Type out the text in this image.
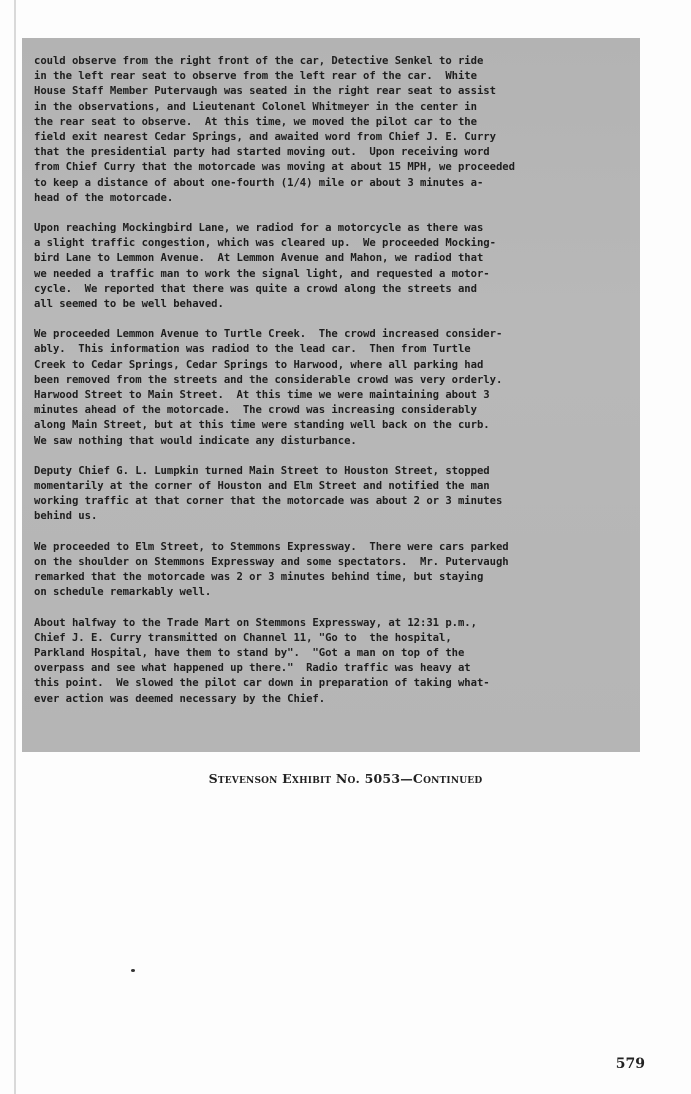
could observe from the right front of the car, Detective Senkel to ride

in the left rear seat to observe from the left rear of the car.  White

House Staff Member Putervaugh was seated in the right rear seat to assist

in the observations, and Lieutenant Colonel Whitmeyer in the center in

the rear seat to observe.  At this time, we moved the pilot car to the

field exit nearest Cedar Springs, and awaited word from Chief J. E. Curry

that the presidential party had started moving out.  Upon receiving word

from Chief Curry that the motorcade was moving at about 15 MPH, we proceeded

to keep a distance of about one-fourth (1/4) mile or about 3 minutes a-

head of the motorcade.

Upon reaching Mockingbird Lane, we radiod for a motorcycle as there was

a slight traffic congestion, which was cleared up.  We proceeded Mocking-

bird Lane to Lemmon Avenue.  At Lemmon Avenue and Mahon, we radiod that

we needed a traffic man to work the signal light, and requested a motor-

cycle.  We reported that there was quite a crowd along the streets and

all seemed to be well behaved.

We proceeded Lemmon Avenue to Turtle Creek.  The crowd increased consider-

ably.  This information was radiod to the lead car.  Then from Turtle

Creek to Cedar Springs, Cedar Springs to Harwood, where all parking had

been removed from the streets and the considerable crowd was very orderly.

Harwood Street to Main Street.  At this time we were maintaining about 3

minutes ahead of the motorcade.  The crowd was increasing considerably

along Main Street, but at this time were standing well back on the curb.

We saw nothing that would indicate any disturbance.

Deputy Chief G. L. Lumpkin turned Main Street to Houston Street, stopped

momentarily at the corner of Houston and Elm Street and notified the man

working traffic at that corner that the motorcade was about 2 or 3 minutes

behind us.

We proceeded to Elm Street, to Stemmons Expressway.  There were cars parked

on the shoulder on Stemmons Expressway and some spectators.  Mr. Putervaugh

remarked that the motorcade was 2 or 3 minutes behind time, but staying

on schedule remarkably well.

About halfway to the Trade Mart on Stemmons Expressway, at 12:31 p.m.,

Chief J. E. Curry transmitted on Channel 11, "Go to  the hospital,

Parkland Hospital, have them to stand by".  "Got a man on top of the

overpass and see what happened up there."  Radio traffic was heavy at

this point.  We slowed the pilot car down in preparation of taking what-

ever action was deemed necessary by the Chief.

Stevenson Exhibit No. 5053—Continued
579
